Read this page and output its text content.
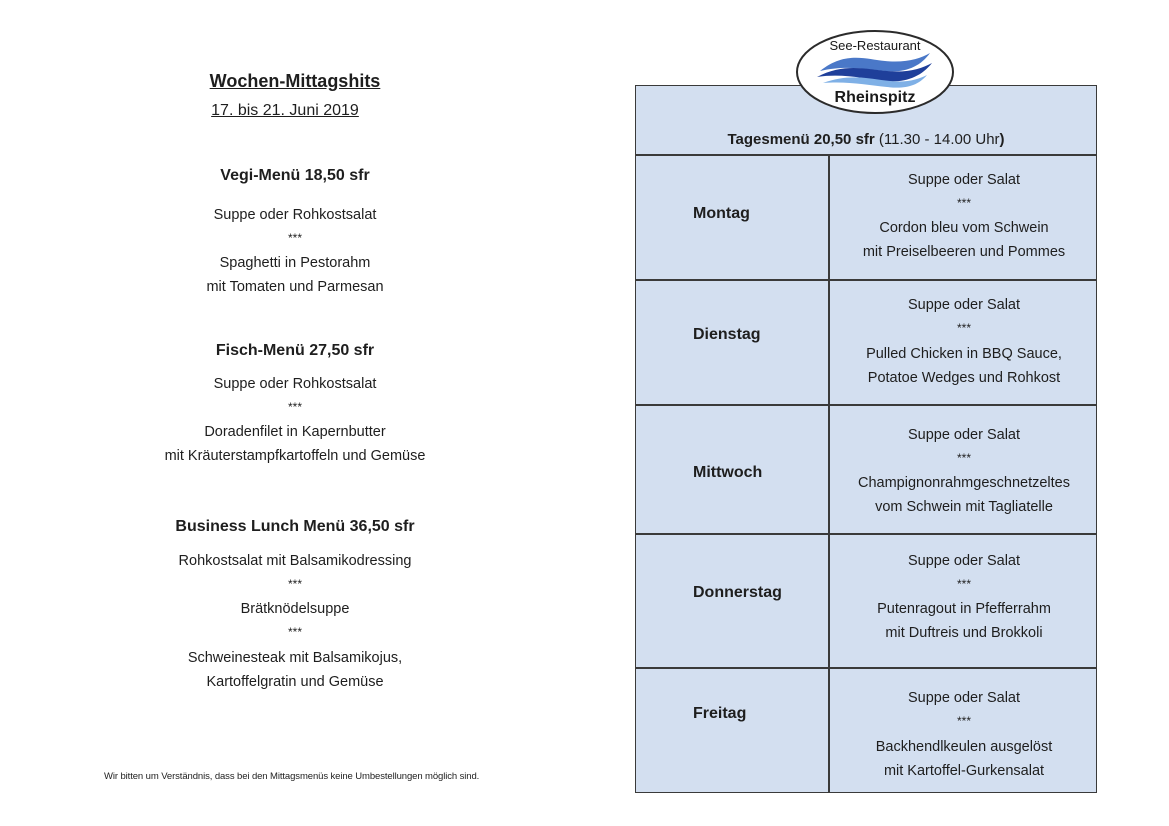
Wochen-Mittagshits
17. bis 21. Juni 2019
Vegi-Menü 18,50 sfr
Suppe oder Rohkostsalat
***
Spaghetti in Pestorahm
mit Tomaten und Parmesan
Fisch-Menü 27,50 sfr
Suppe oder Rohkostsalat
***
Doradenfilet in Kapernbutter
mit Kräuterstampfkartoffeln und Gemüse
Business Lunch Menü 36,50 sfr
Rohkostsalat mit Balsamikodressing
***
Brätknödelsuppe
***
Schweinesteak mit Balsamikojus,
Kartoffelgratin und Gemüse
Wir bitten um Verständnis, dass bei den Mittagsmenüs keine Umbestellungen möglich sind.
Tagesmenü 20,50 sfr (11.30 - 14.00 Uhr)
Montag
Suppe oder Salat
***
Cordon bleu vom Schwein
mit Preiselbeeren und Pommes
Dienstag
Suppe oder Salat
***
Pulled Chicken in BBQ Sauce,
Potatoe Wedges und Rohkost
Mittwoch
Suppe oder Salat
***
Champignonrahmgeschnetzeltes
vom Schwein mit Tagliatelle
Donnerstag
Suppe oder Salat
***
Putenragout in Pfefferrahm
mit Duftreis und Brokkoli
Freitag
Suppe oder Salat
***
Backhendlkeulen ausgelöst
mit Kartoffel-Gurkensalat
See-Restaurant
Rheinspitz
